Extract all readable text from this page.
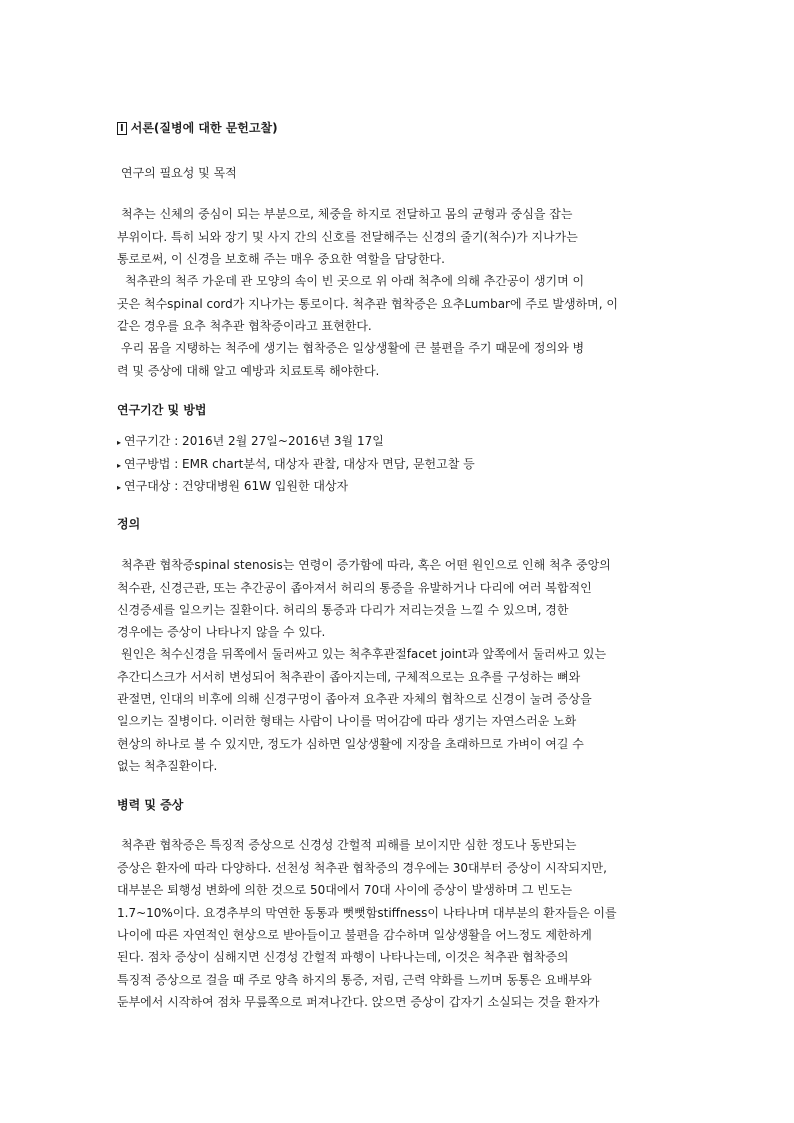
I 서론(질병에 대한 문헌고찰)
연구의 필요성 및 목적
척추는 신체의 중심이 되는 부분으로, 체중을 하지로 전달하고 몸의 균형과 중심을 잡는
부위이다. 특히 뇌와 장기 및 사지 간의 신호를 전달해주는 신경의 줄기(척수)가 지나가는
통로로써, 이 신경을 보호해 주는 매우 중요한 역할을 담당한다.
척추관의 척주 가운데 관 모양의 속이 빈 곳으로 위 아래 척추에 의해 추간공이 생기며 이
곳은 척수spinal cord가 지나가는 통로이다. 척추관 협착증은 요추Lumbar에 주로 발생하며, 이
같은 경우를 요추 척추관 협착증이라고 표현한다.
우리 몸을 지탱하는 척주에 생기는 협착증은 일상생활에 큰 불편을 주기 때문에 정의와 병
력 및 증상에 대해 알고 예방과 치료토록 해야한다.
연구기간 및 방법
▸ 연구기간 : 2016년 2월 27일~2016년 3월 17일
▸ 연구방법 : EMR chart분석, 대상자 관찰, 대상자 면담, 문헌고찰 등
▸ 연구대상 : 건양대병원 61W 입원한 대상자
정의
척추관 협착증spinal stenosis는 연령이 증가함에 따라, 혹은 어떤 원인으로 인해 척추 중앙의
척수관, 신경근관, 또는 추간공이 좁아져서 허리의 통증을 유발하거나 다리에 여러 복합적인
신경증세를 일으키는 질환이다. 허리의 통증과 다리가 저리는것을 느낄 수 있으며, 경한
경우에는 증상이 나타나지 않을 수 있다.
원인은 척수신경을 뒤쪽에서 둘러싸고 있는 척추후관절facet joint과 앞쪽에서 둘러싸고 있는
추간디스크가 서서히 변성되어 척추관이 좁아지는데, 구체적으로는 요추를 구성하는 뼈와
관절면, 인대의 비후에 의해 신경구멍이 좁아져 요추관 자체의 협착으로 신경이 눌려 증상을
일으키는 질병이다. 이러한 형태는 사람이 나이를 먹어감에 따라 생기는 자연스러운 노화
현상의 하나로 볼 수 있지만, 정도가 심하면 일상생활에 지장을 초래하므로 가벼이 여길 수
없는 척추질환이다.
병력 및 증상
척추관 협착증은 특징적 증상으로 신경성 간헐적 피해를 보이지만 심한 정도나 동반되는
증상은 환자에 따라 다양하다. 선천성 척추관 협착증의 경우에는 30대부터 증상이 시작되지만,
대부분은 퇴행성 변화에 의한 것으로 50대에서 70대 사이에 증상이 발생하며 그 빈도는
1.7~10%이다. 요경추부의 막연한 동통과 뻣뻣함stiffness이 나타나며 대부분의 환자들은 이를
나이에 따른 자연적인 현상으로 받아들이고 불편을 감수하며 일상생활을 어느정도 제한하게
된다. 점차 증상이 심해지면 신경성 간헐적 파행이 나타나는데, 이것은 척추관 협착증의
특징적 증상으로 걸을 때 주로 양측 하지의 통증, 저림, 근력 약화를 느끼며 동통은 요배부와
둔부에서 시작하여 점차 무릎쪽으로 퍼져나간다. 앉으면 증상이 갑자기 소실되는 것을 환자가
